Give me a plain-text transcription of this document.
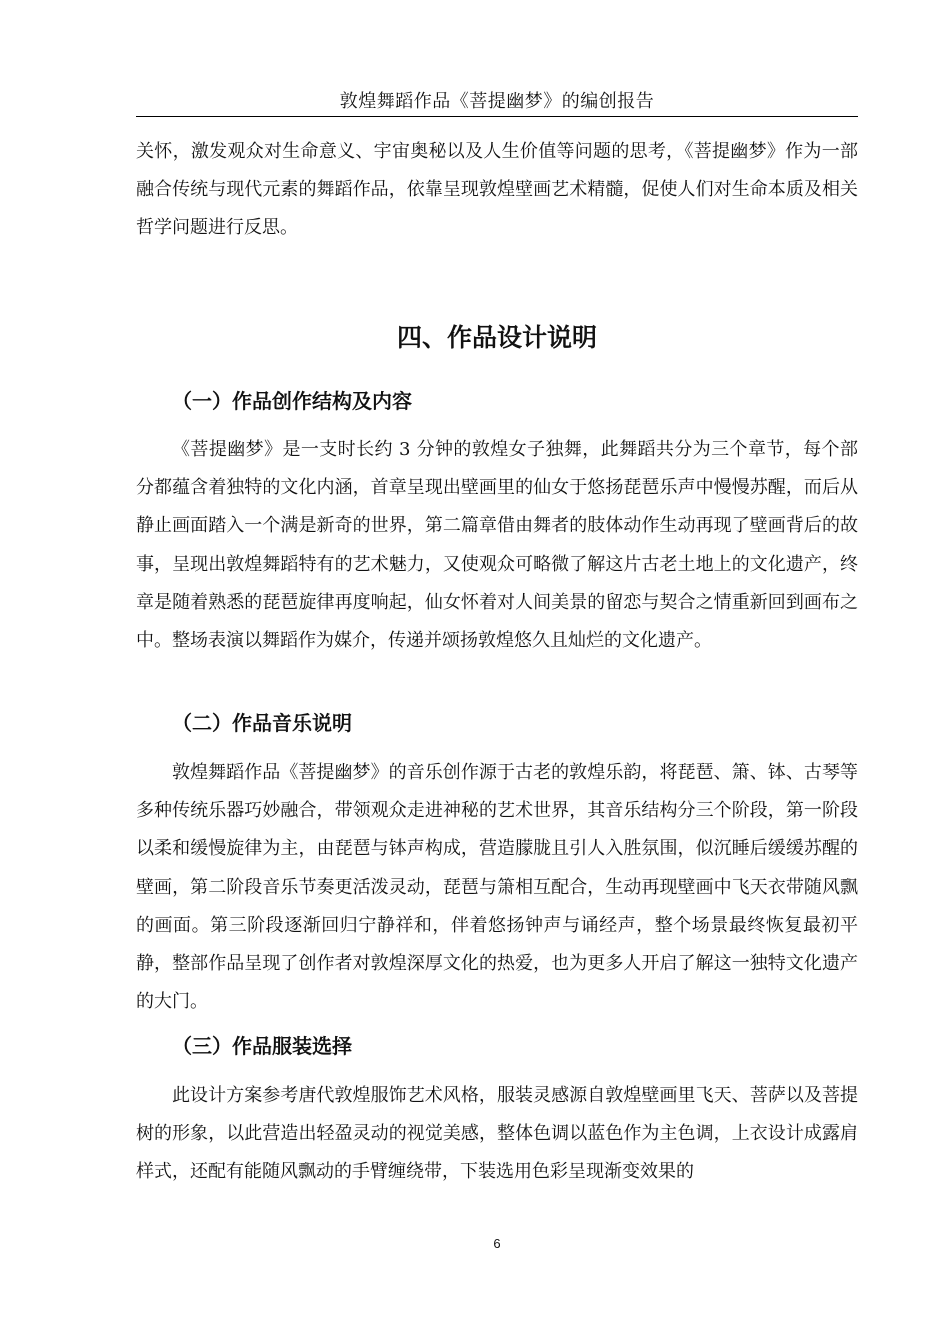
敦煌舞蹈作品《菩提幽梦》的编创报告

关怀，激发观众对生命意义、宇宙奥秘以及人生价值等问题的思考，《菩提幽梦》作为一部融合传统与现代元素的舞蹈作品，依靠呈现敦煌壁画艺术精髓，促使人们对生命本质及相关哲学问题进行反思。

四、作品设计说明
（一）作品创作结构及内容

《菩提幽梦》是一支时长约 3 分钟的敦煌女子独舞，此舞蹈共分为三个章节，每个部分都蕴含着独特的文化内涵，首章呈现出壁画里的仙女于悠扬琵琶乐声中慢慢苏醒，而后从静止画面踏入一个满是新奇的世界，第二篇章借由舞者的肢体动作生动再现了壁画背后的故事，呈现出敦煌舞蹈特有的艺术魅力，又使观众可略微了解这片古老土地上的文化遗产，终章是随着熟悉的琵琶旋律再度响起，仙女怀着对人间美景的留恋与契合之情重新回到画布之中。整场表演以舞蹈作为媒介，传递并颂扬敦煌悠久且灿烂的文化遗产。

（二）作品音乐说明

敦煌舞蹈作品《菩提幽梦》的音乐创作源于古老的敦煌乐韵，将琵琶、箫、钵、古琴等多种传统乐器巧妙融合，带领观众走进神秘的艺术世界，其音乐结构分三个阶段，第一阶段以柔和缓慢旋律为主，由琵琶与钵声构成，营造朦胧且引人入胜氛围，似沉睡后缓缓苏醒的壁画，第二阶段音乐节奏更活泼灵动，琵琶与箫相互配合，生动再现壁画中飞天衣带随风飘的画面。第三阶段逐渐回归宁静祥和，伴着悠扬钟声与诵经声，整个场景最终恢复最初平静，整部作品呈现了创作者对敦煌深厚文化的热爱，也为更多人开启了解这一独特文化遗产的大门。

（三）作品服装选择

此设计方案参考唐代敦煌服饰艺术风格，服装灵感源自敦煌壁画里飞天、菩萨以及菩提树的形象，以此营造出轻盈灵动的视觉美感，整体色调以蓝色作为主色调，上衣设计成露肩样式，还配有能随风飘动的手臂缠绕带，下装选用色彩呈现渐变效果的

6
